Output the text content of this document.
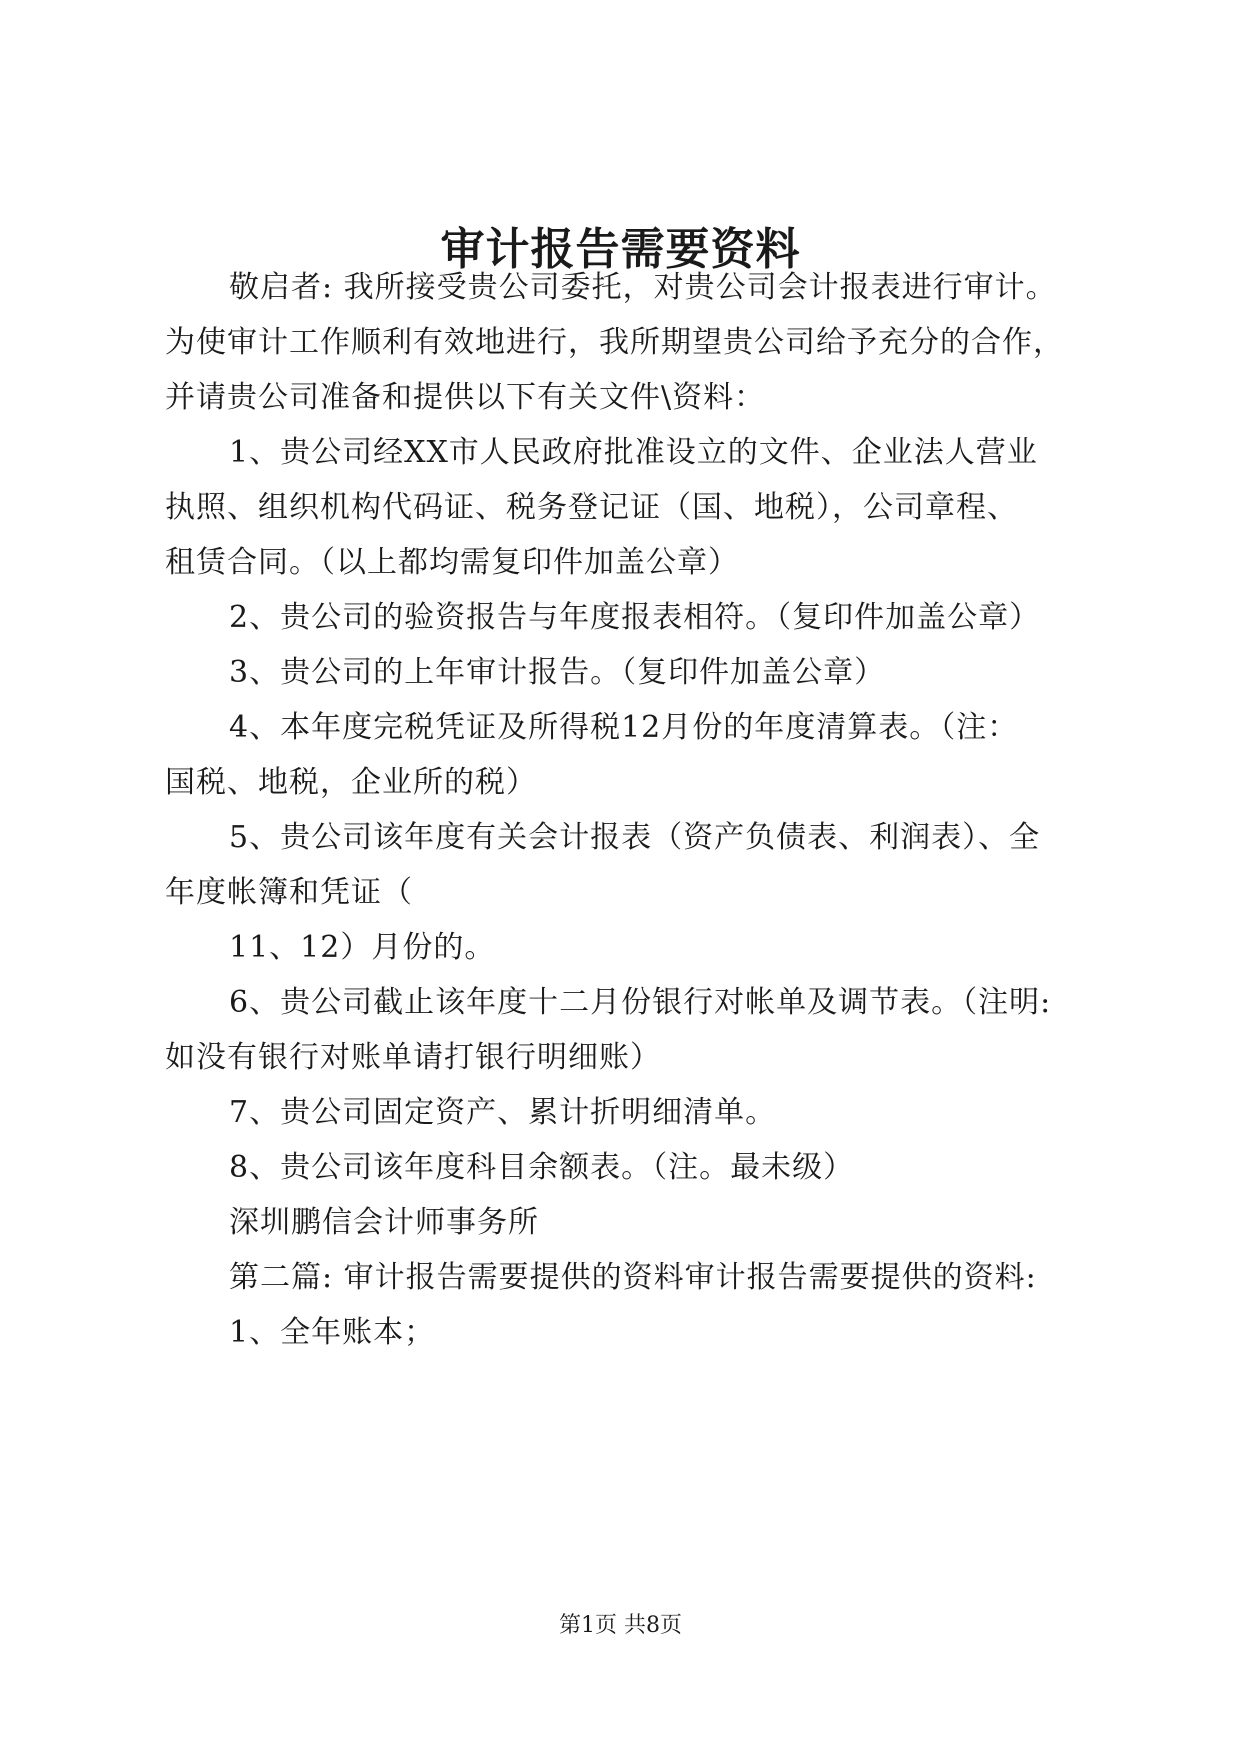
审计报告需要资料
敬启者: 我所接受贵公司委托，对贵公司会计报表进行审计。
为使审计工作顺利有效地进行，我所期望贵公司给予充分的合作，
并请贵公司准备和提供以下有关文件\资料：
1、贵公司经XX市人民政府批准设立的文件、企业法人营业
执照、组织机构代码证、税务登记证（国、地税），公司章程、
租赁合同。（以上都均需复印件加盖公章）
2、贵公司的验资报告与年度报表相符。（复印件加盖公章）
3、贵公司的上年审计报告。（复印件加盖公章）
4、本年度完税凭证及所得税12月份的年度清算表。（注：
国税、地税，企业所的税）
5、贵公司该年度有关会计报表（资产负债表、利润表）、全
年度帐簿和凭证（
11、12）月份的。
6、贵公司截止该年度十二月份银行对帐单及调节表。（注明:
如没有银行对账单请打银行明细账）
7、贵公司固定资产、累计折明细清单。
8、贵公司该年度科目余额表。（注。最未级）
深圳鹏信会计师事务所
第二篇: 审计报告需要提供的资料审计报告需要提供的资料:
1、全年账本；
第1页 共8页
